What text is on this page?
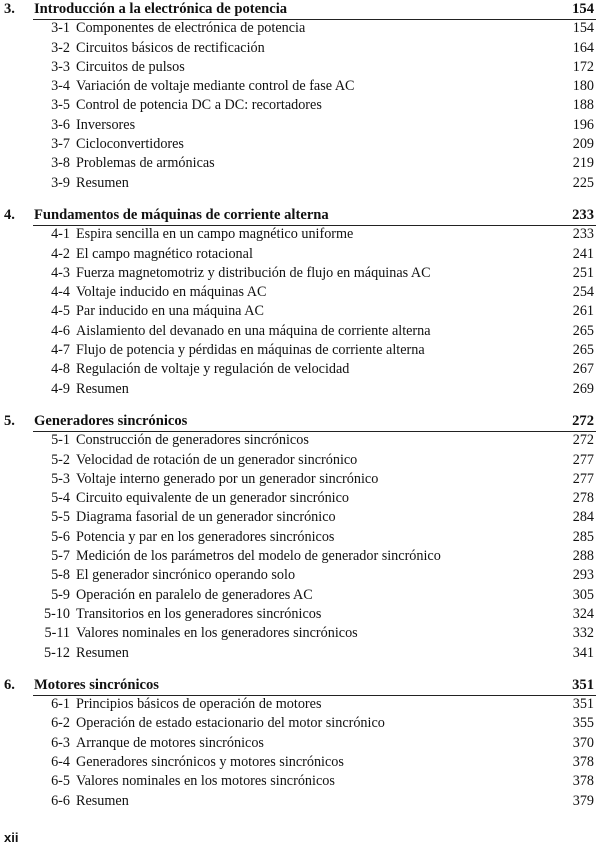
3. Introducción a la electrónica de potencia	154
3-1 Componentes de electrónica de potencia	154
3-2 Circuitos básicos de rectificación	164
3-3 Circuitos de pulsos	172
3-4 Variación de voltaje mediante control de fase AC	180
3-5 Control de potencia DC a DC: recortadores	188
3-6 Inversores	196
3-7 Cicloconvertidores	209
3-8 Problemas de armónicas	219
3-9 Resumen	225
4. Fundamentos de máquinas de corriente alterna	233
4-1 Espira sencilla en un campo magnético uniforme	233
4-2 El campo magnético rotacional	241
4-3 Fuerza magnetomotriz y distribución de flujo en máquinas AC	251
4-4 Voltaje inducido en máquinas AC	254
4-5 Par inducido en una máquina AC	261
4-6 Aislamiento del devanado en una máquina de corriente alterna	265
4-7 Flujo de potencia y pérdidas en máquinas de corriente alterna	265
4-8 Regulación de voltaje y regulación de velocidad	267
4-9 Resumen	269
5. Generadores sincrónicos	272
5-1 Construcción de generadores sincrónicos	272
5-2 Velocidad de rotación de un generador sincrónico	277
5-3 Voltaje interno generado por un generador sincrónico	277
5-4 Circuito equivalente de un generador sincrónico	278
5-5 Diagrama fasorial de un generador sincrónico	284
5-6 Potencia y par en los generadores sincrónicos	285
5-7 Medición de los parámetros del modelo de generador sincrónico	288
5-8 El generador sincrónico operando solo	293
5-9 Operación en paralelo de generadores AC	305
5-10 Transitorios en los generadores sincrónicos	324
5-11 Valores nominales en los generadores sincrónicos	332
5-12 Resumen	341
6. Motores sincrónicos	351
6-1 Principios básicos de operación de motores	351
6-2 Operación de estado estacionario del motor sincrónico	355
6-3 Arranque de motores sincrónicos	370
6-4 Generadores sincrónicos y motores sincrónicos	378
6-5 Valores nominales en los motores sincrónicos	378
6-6 Resumen	379
xii
